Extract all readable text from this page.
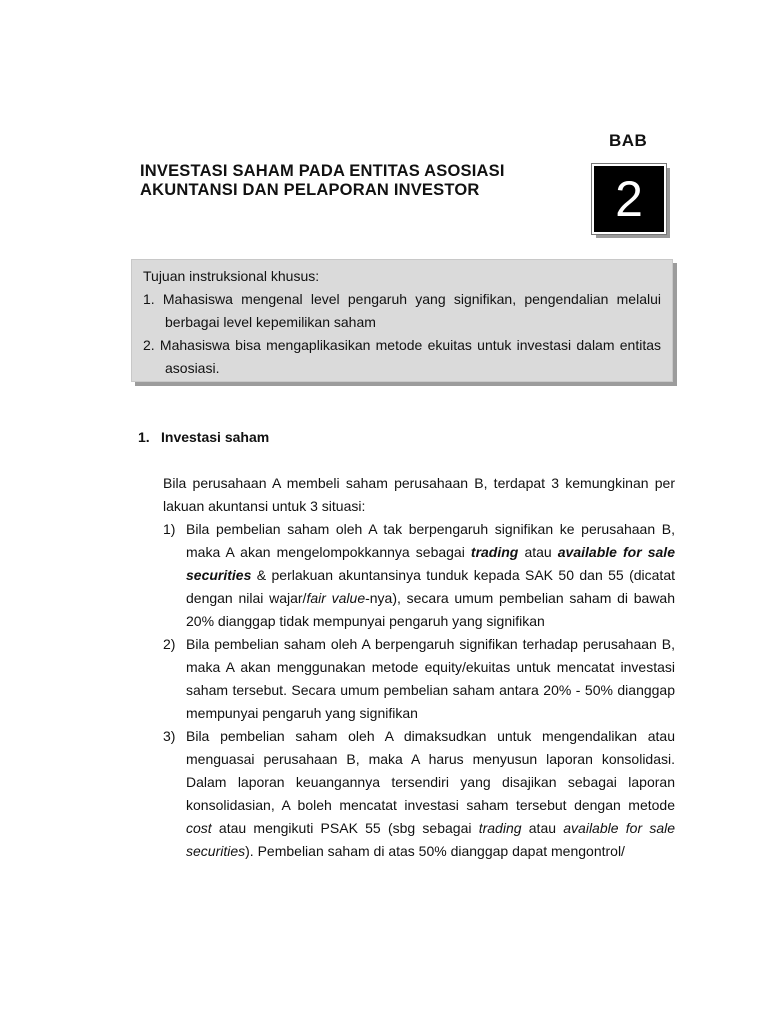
BAB
INVESTASI SAHAM PADA ENTITAS ASOSIASI
AKUNTANSI DAN PELAPORAN INVESTOR	2
Tujuan instruksional khusus:
1. Mahasiswa mengenal level pengaruh yang signifikan, pengendalian melalui
berbagai level kepemilikan saham
2. Mahasiswa bisa mengaplikasikan metode ekuitas untuk investasi dalam entitas
asosiasi.
1. Investasi saham

Bila perusahaan A membeli saham perusahaan B, terdapat 3 kemungkinan per lakuan akuntansi untuk 3 situasi:

1) Bila pembelian saham oleh A tak berpengaruh signifikan ke perusahaan B, maka A akan mengelompokkannya sebagai trading atau available for sale securities & perlakuan akuntansinya tunduk kepada SAK 50 dan 55 (dicatat dengan nilai wajar/fair value-nya), secara umum pembelian saham di bawah 20% dianggap tidak mempunyai pengaruh yang signifikan
2) Bila pembelian saham oleh A berpengaruh signifikan terhadap perusahaan B, maka A akan menggunakan metode equity/ekuitas untuk mencatat investasi saham tersebut. Secara umum pembelian saham antara 20% - 50% dianggap mempunyai pengaruh yang signifikan
3) Bila pembelian saham oleh A dimaksudkan untuk mengendalikan atau menguasai perusahaan B, maka A harus menyusun laporan konsolidasi. Dalam laporan keuangannya tersendiri yang disajikan sebagai laporan konsolidasian, A boleh mencatat investasi saham tersebut dengan metode cost atau mengikuti PSAK 55 (sbg sebagai trading atau available for sale securities). Pembelian saham di atas 50% dianggap dapat mengontrol/
